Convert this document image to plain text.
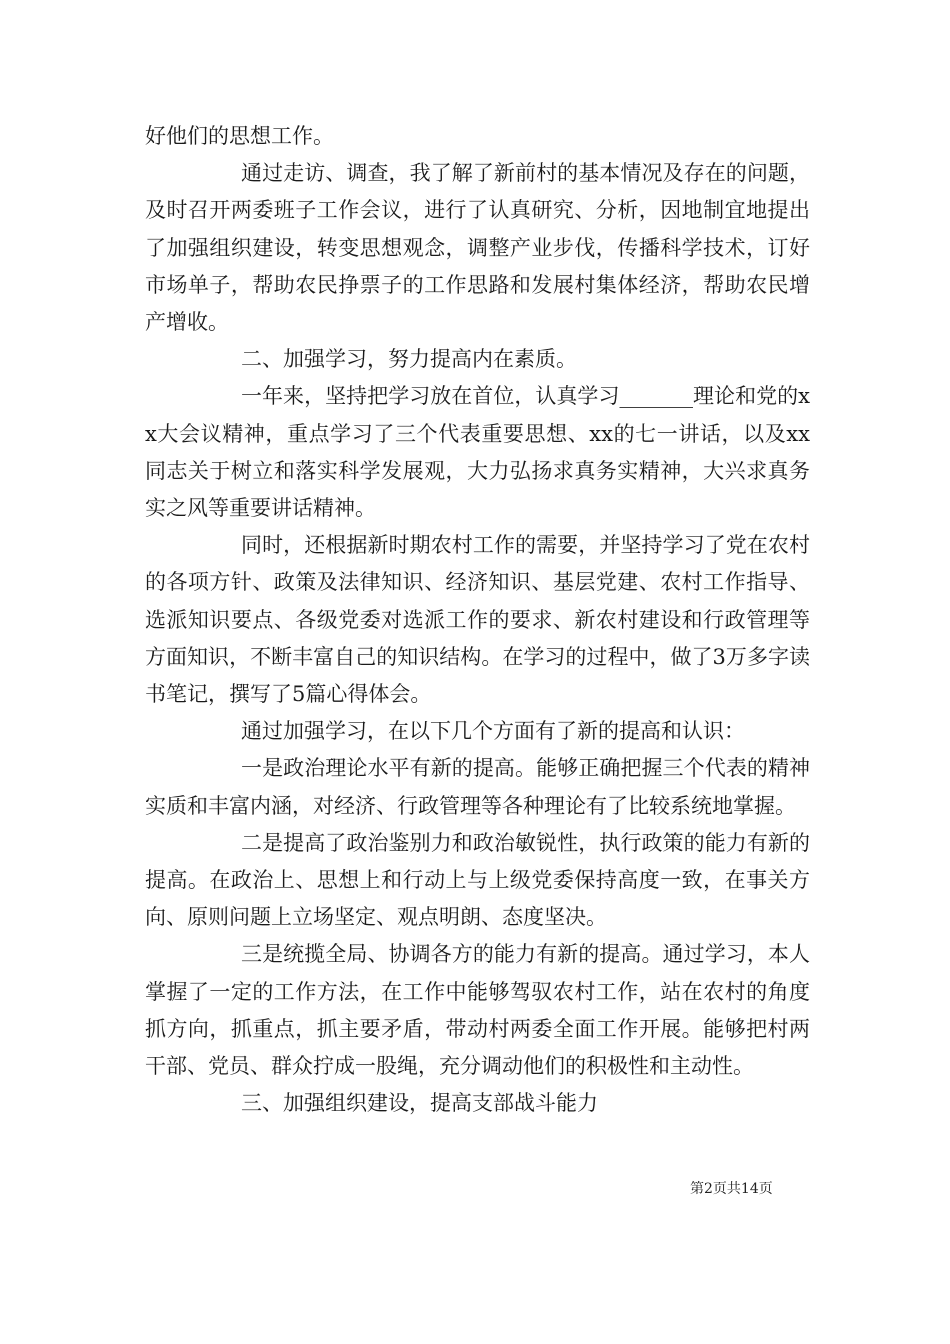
好他们的思想工作。

通过走访、调查，我了解了新前村的基本情况及存在的问题，及时召开两委班子工作会议，进行了认真研究、分析，因地制宜地提出了加强组织建设，转变思想观念，调整产业步伐，传播科学技术，订好市场单子，帮助农民挣票子的工作思路和发展村集体经济，帮助农民增产增收。

二、加强学习，努力提高内在素质。

一年来，坚持把学习放在首位，认真学习_______理论和党的xx大会议精神，重点学习了三个代表重要思想、xx的七一讲话，以及xx同志关于树立和落实科学发展观，大力弘扬求真务实精神，大兴求真务实之风等重要讲话精神。

同时，还根据新时期农村工作的需要，并坚持学习了党在农村的各项方针、政策及法律知识、经济知识、基层党建、农村工作指导、选派知识要点、各级党委对选派工作的要求、新农村建设和行政管理等方面知识，不断丰富自己的知识结构。在学习的过程中，做了3万多字读书笔记，撰写了5篇心得体会。

通过加强学习，在以下几个方面有了新的提高和认识：

一是政治理论水平有新的提高。能够正确把握三个代表的精神实质和丰富内涵，对经济、行政管理等各种理论有了比较系统地掌握。

二是提高了政治鉴别力和政治敏锐性，执行政策的能力有新的提高。在政治上、思想上和行动上与上级党委保持高度一致，在事关方向、原则问题上立场坚定、观点明朗、态度坚决。

三是统揽全局、协调各方的能力有新的提高。通过学习，本人掌握了一定的工作方法，在工作中能够驾驭农村工作，站在农村的角度抓方向，抓重点，抓主要矛盾，带动村两委全面工作开展。能够把村两干部、党员、群众拧成一股绳，充分调动他们的积极性和主动性。

三、加强组织建设，提高支部战斗能力

第2页共14页
